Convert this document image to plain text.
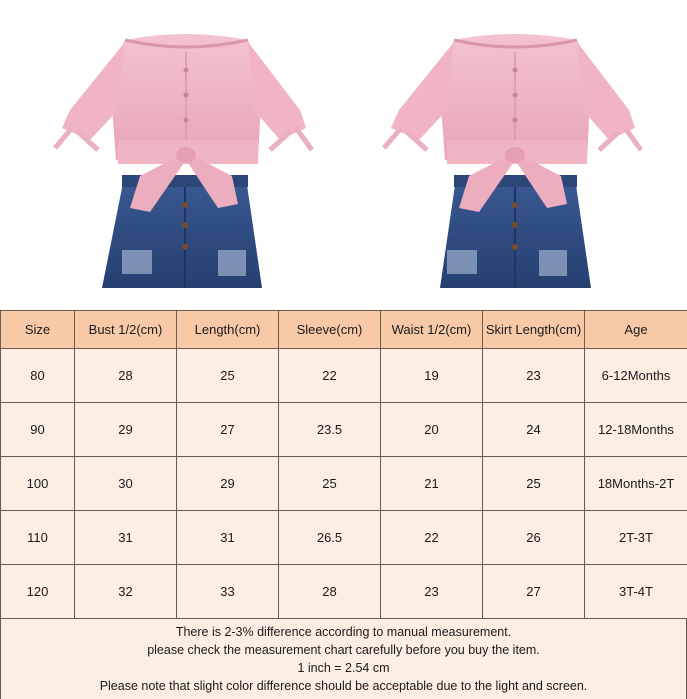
Size	Bust 1/2(cm)	Length(cm)	Sleeve(cm)	Waist 1/2(cm)	Skirt Length(cm)	Age
80	28	25	22	19	23	6-12Months
90	29	27	23.5	20	24	12-18Months
100	30	29	25	21	25	18Months-2T
110	31	31	26.5	22	26	2T-3T
120	32	33	28	23	27	3T-4T
There is 2-3% difference according to manual measurement.
please check the measurement chart carefully before you buy the item.
1 inch = 2.54 cm
Please note that slight color difference should be acceptable due to the light and screen.
